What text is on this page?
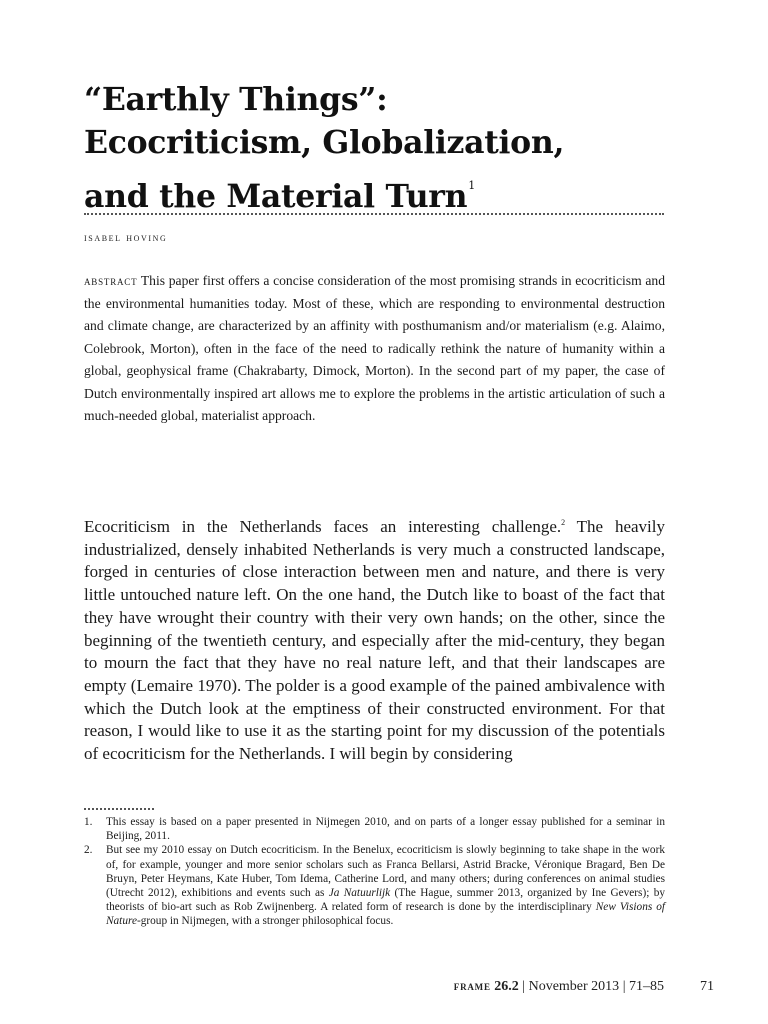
“Earthly Things”:
Ecocriticism, Globalization,
and the Material Turn$^1$
isabel hoving

abstract This paper first offers a concise consideration of the most promising strands in ecocriticism and the environmental humanities today. Most of these, which are responding to environmental destruction and climate change, are characterized by an affinity with posthumanism and/or materialism (e.g. Alaimo, Colebrook, Morton), often in the face of the need to radically rethink the nature of humanity within a global, geophysical frame (Chakrabarty, Dimock, Morton). In the second part of my paper, the case of Dutch environmentally inspired art allows me to explore the problems in the artistic articulation of such a much-needed global, materialist approach.

Ecocriticism in the Netherlands faces an interesting challenge.$^2$ The heavily industrialized, densely inhabited Netherlands is very much a constructed landscape, forged in centuries of close interaction between men and nature, and there is very little untouched nature left. On the one hand, the Dutch like to boast of the fact that they have wrought their country with their very own hands; on the other, since the beginning of the twentieth century, and especially after the mid-century, they began to mourn the fact that they have no real nature left, and that their landscapes are empty (Lemaire 1970). The polder is a good example of the pained ambivalence with which the Dutch look at the emptiness of their constructed environment. For that reason, I would like to use it as the starting point for my discussion of the potentials of ecocriticism for the Netherlands. I will begin by considering

1. This essay is based on a paper presented in Nijmegen 2010, and on parts of a longer essay published for a seminar in Beijing, 2011.
2. But see my 2010 essay on Dutch ecocriticism. In the Benelux, ecocriticism is slowly beginning to take shape in the work of, for example, younger and more senior scholars such as Franca Bellarsi, Astrid Bracke, Véronique Bragard, Ben De Bruyn, Peter Heymans, Kate Huber, Tom Idema, Catherine Lord, and many others; during conferences on animal studies (Utrecht 2012), exhibitions and events such as Ja Natuurlijk (The Hague, summer 2013, organized by Ine Gevers); by theorists of bio-art such as Rob Zwijnenberg. A related form of research is done by the interdisciplinary New Visions of Nature-group in Nijmegen, with a stronger philosophical focus.
frame 26.2 | November 2013 | 71–85	71
